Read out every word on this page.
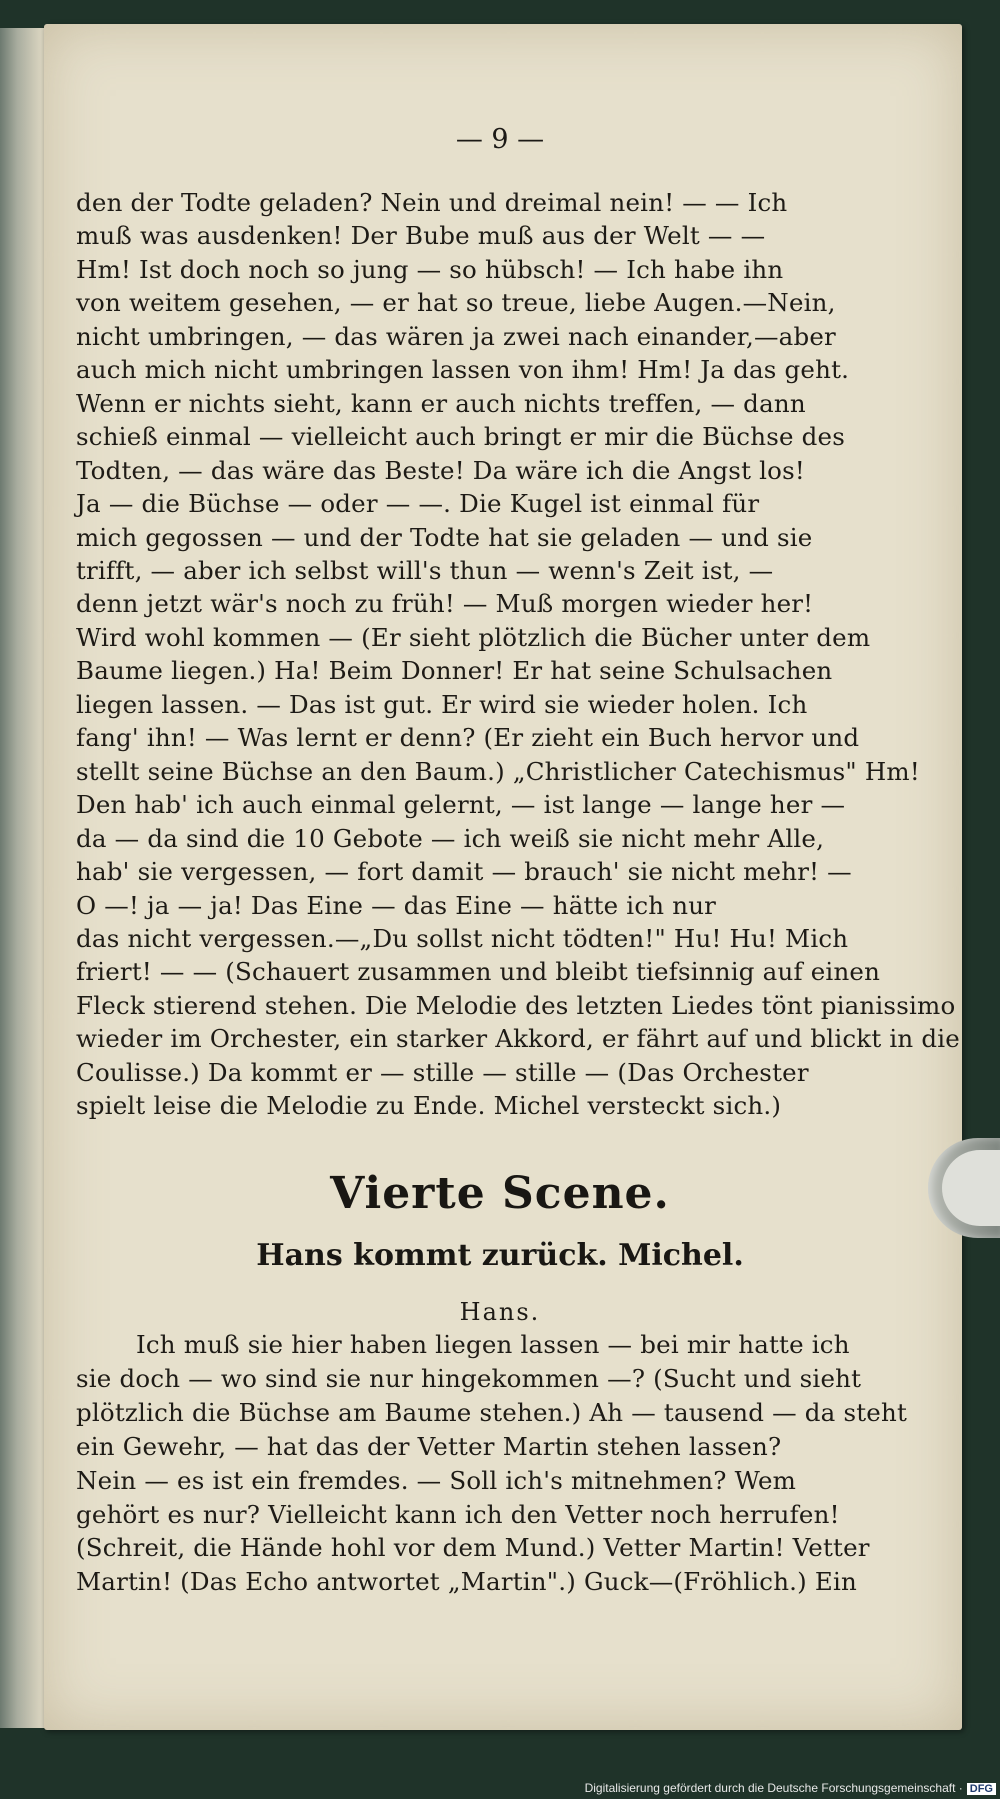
— 9 —

den der Todte geladen? Nein und dreimal nein! — — Ich

muß was ausdenken! Der Bube muß aus der Welt — —

Hm! Ist doch noch so jung — so hübsch! — Ich habe ihn

von weitem gesehen, — er hat so treue, liebe Augen.—Nein,

nicht umbringen, — das wären ja zwei nach einander,—aber

auch mich nicht umbringen lassen von ihm! Hm! Ja das geht.

Wenn er nichts sieht, kann er auch nichts treffen, — dann

schieß einmal — vielleicht auch bringt er mir die Büchse des

Todten, — das wäre das Beste! Da wäre ich die Angst los!

Ja — die Büchse — oder — —. Die Kugel ist einmal für

mich gegossen — und der Todte hat sie geladen — und sie

trifft, — aber ich selbst will's thun — wenn's Zeit ist, —

denn jetzt wär's noch zu früh! — Muß morgen wieder her!

Wird wohl kommen — (Er sieht plötzlich die Bücher unter dem

Baume liegen.) Ha! Beim Donner! Er hat seine Schulsachen

liegen lassen. — Das ist gut. Er wird sie wieder holen. Ich

fang' ihn! — Was lernt er denn? (Er zieht ein Buch hervor und

stellt seine Büchse an den Baum.) „Christlicher Catechismus" Hm!

Den hab' ich auch einmal gelernt, — ist lange — lange her —

da — da sind die 10 Gebote — ich weiß sie nicht mehr Alle,

hab' sie vergessen, — fort damit — brauch' sie nicht mehr! —

O —! ja — ja! Das Eine — das Eine — hätte ich nur

das nicht vergessen.—„Du sollst nicht tödten!" Hu! Hu! Mich

friert! — — (Schauert zusammen und bleibt tiefsinnig auf einen

Fleck stierend stehen. Die Melodie des letzten Liedes tönt pianissimo

wieder im Orchester, ein starker Akkord, er fährt auf und blickt in die

Coulisse.) Da kommt er — stille — stille — (Das Orchester

spielt leise die Melodie zu Ende. Michel versteckt sich.)

Vierte Scene.
Hans kommt zurück. Michel.
Hans.

Ich muß sie hier haben liegen lassen — bei mir hatte ich

sie doch — wo sind sie nur hingekommen —? (Sucht und sieht

plötzlich die Büchse am Baume stehen.) Ah — tausend — da steht

ein Gewehr, — hat das der Vetter Martin stehen lassen?

Nein — es ist ein fremdes. — Soll ich's mitnehmen? Wem

gehört es nur? Vielleicht kann ich den Vetter noch herrufen!

(Schreit, die Hände hohl vor dem Mund.) Vetter Martin! Vetter

Martin! (Das Echo antwortet „Martin".) Guck—(Fröhlich.) Ein

Digitalisierung gefördert durch die Deutsche Forschungsgemeinschaft · DFG
